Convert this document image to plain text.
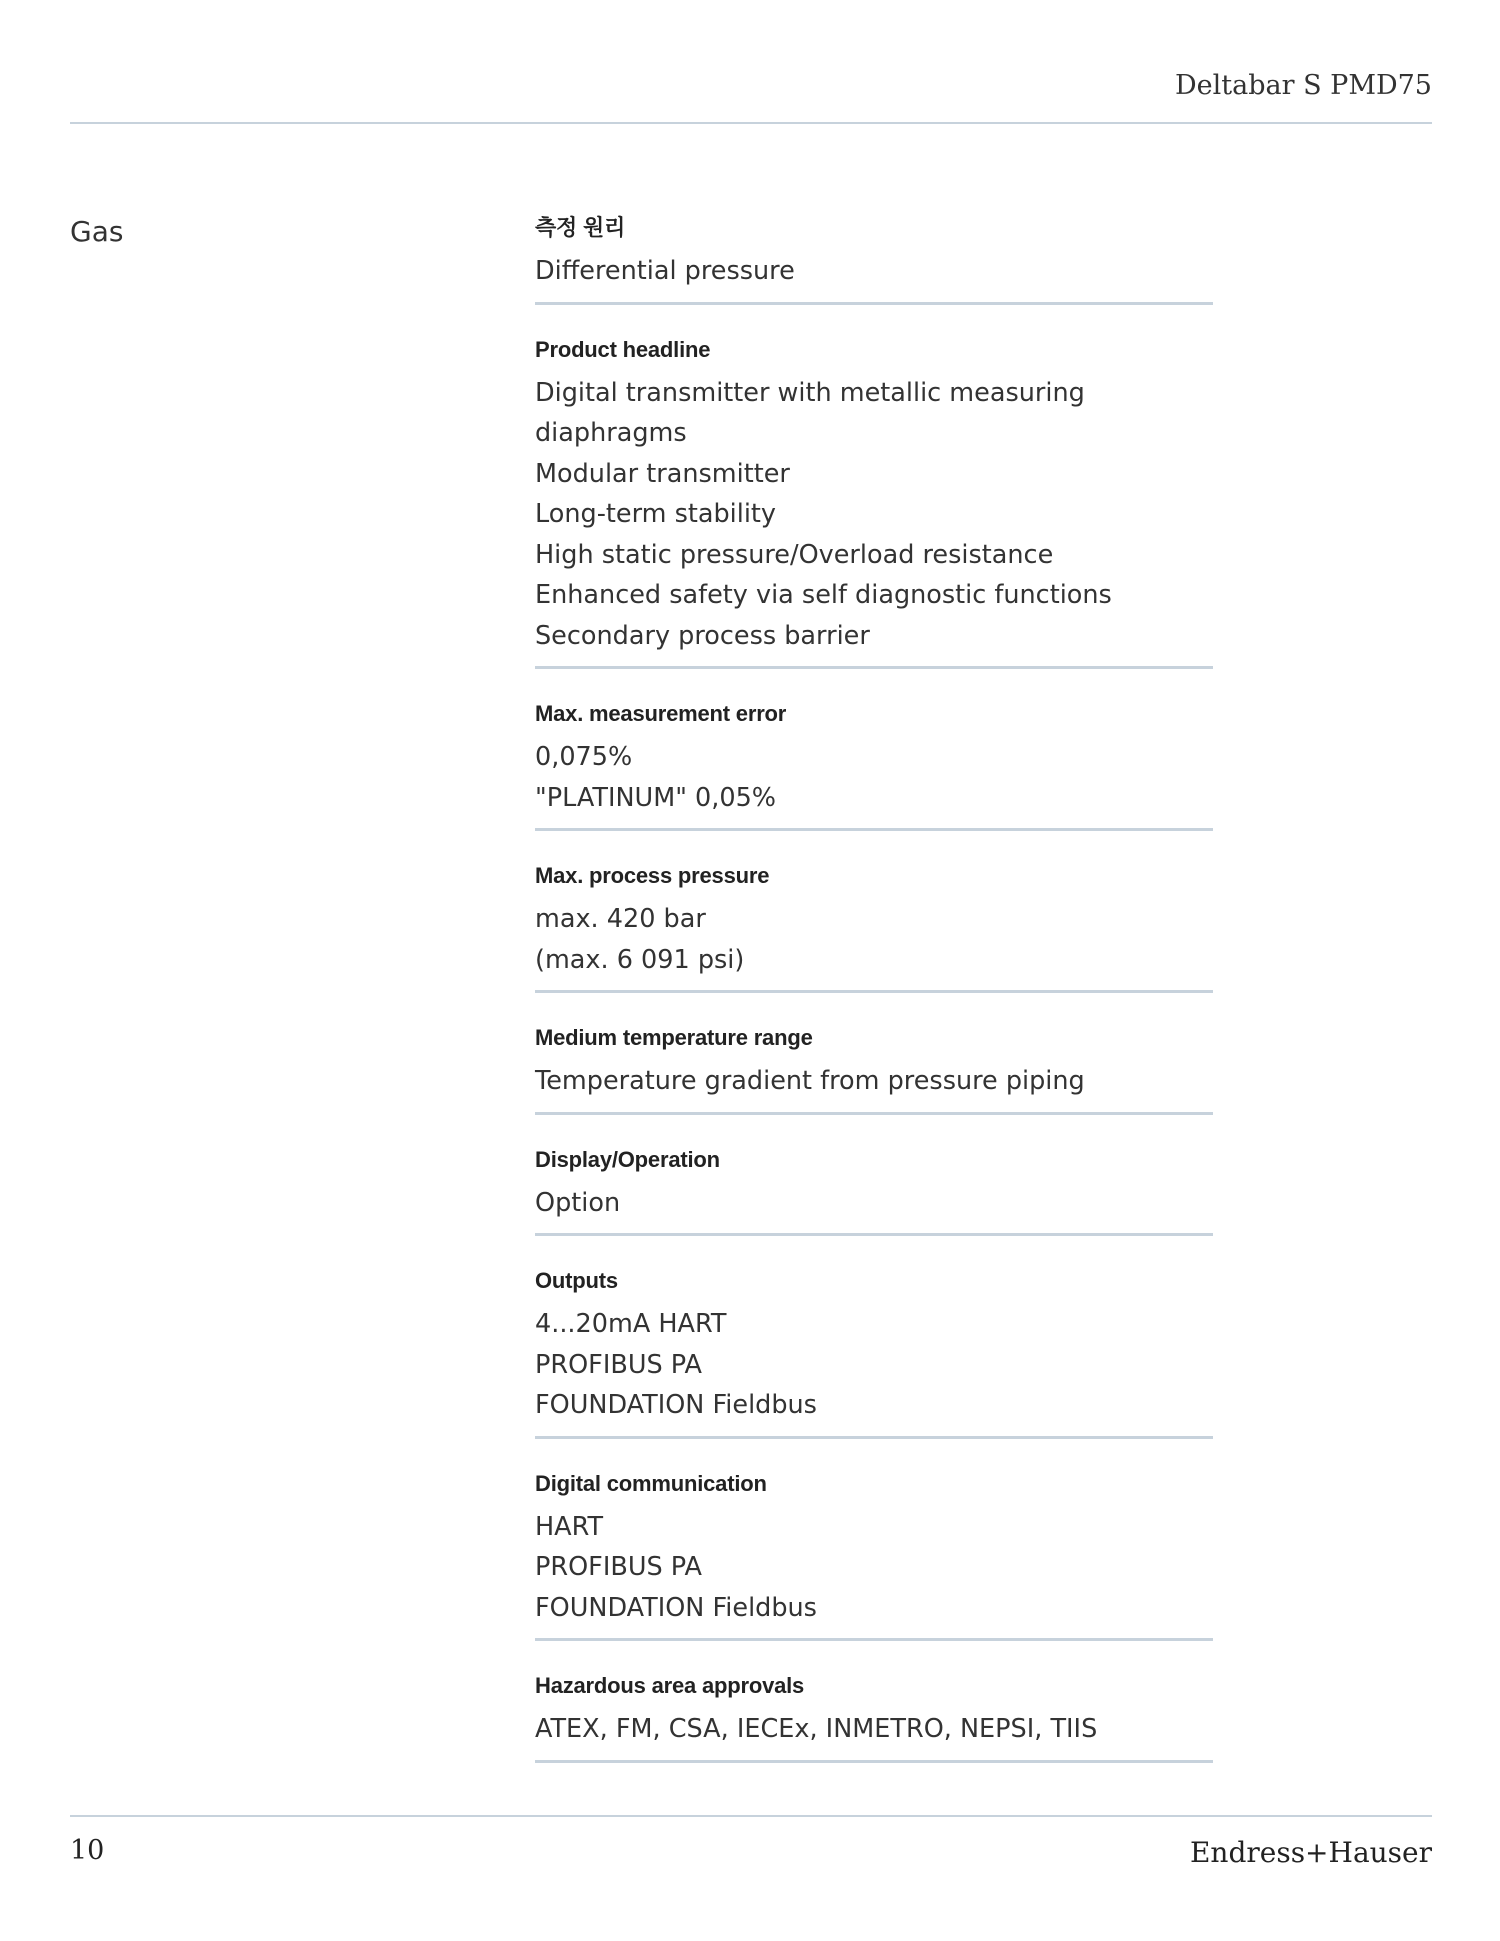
Deltabar S PMD75
Gas	측정 원리
Differential pressure
Product headline
Digital transmitter with metallic measuring
diaphragms
Modular transmitter
Long-term stability
High static pressure/Overload resistance
Enhanced safety via self diagnostic functions
Secondary process barrier
Max. measurement error
0,075%
"PLATINUM" 0,05%
Max. process pressure
max. 420 bar
(max. 6 091 psi)
Medium temperature range
Temperature gradient from pressure piping
Display/Operation
Option
Outputs
4...20mA HART
PROFIBUS PA
FOUNDATION Fieldbus
Digital communication
HART
PROFIBUS PA
FOUNDATION Fieldbus
Hazardous area approvals
ATEX, FM, CSA, IECEx, INMETRO, NEPSI, TIIS
10	Endress+Hauser
